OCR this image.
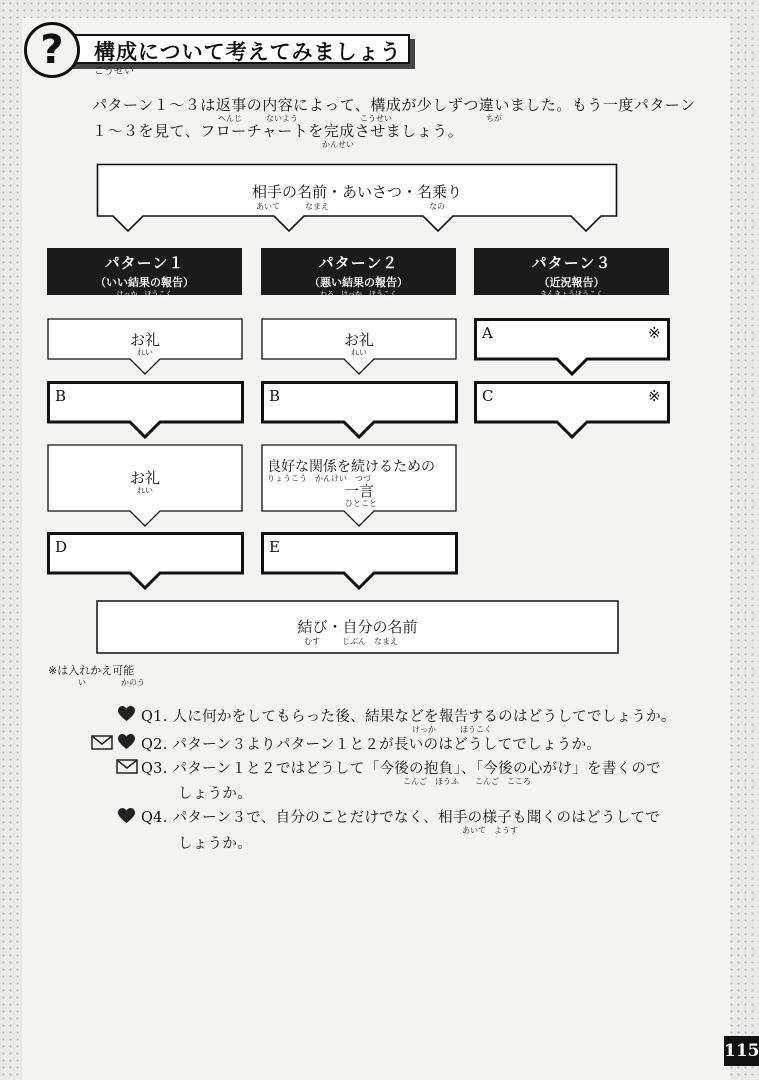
?	構成について考えてみましょう
こうせい
パターン１～３は返事の内容によって、構成が少しずつ違いました。もう一度パターン
へんじ	ないよう	こうせい	ちが
１～３を見て、フローチャートを完成させましょう。
かんせい
相手の名前・あいさつ・名乗り
あいて	なまえ	なの
パターン１
（いい結果の報告）
けっか　ほうこく
パターン２
（悪い結果の報告）
わる　けっか　ほうこく
パターン３
（近況報告）
きんきょうほうこく
お礼
れい
B
お礼
れい
D
お礼
れい
B
良好な関係を続けるための
りょうこう　かんけい　つづ
一言
ひとこと
E
A	※
C	※
結び・自分の名前
むす	じぶん なまえ
※は入れかえ可能
い	かのう
Q1. 人に何かをしてもらった後、結果などを報告するのはどうしてでしょうか。
けっか　　　ほうこく
Q2. パターン３よりパターン１と２が長いのはどうしてでしょうか。
Q3. パターン１と２ではどうして「今後の抱負」、「今後の心がけ」を書くので
こんご　ほうふ　　こんご　こころ
しょうか。
Q4. パターン３で、自分のことだけでなく、相手の様子も聞くのはどうしてで
あいて　ようす
しょうか。
115
